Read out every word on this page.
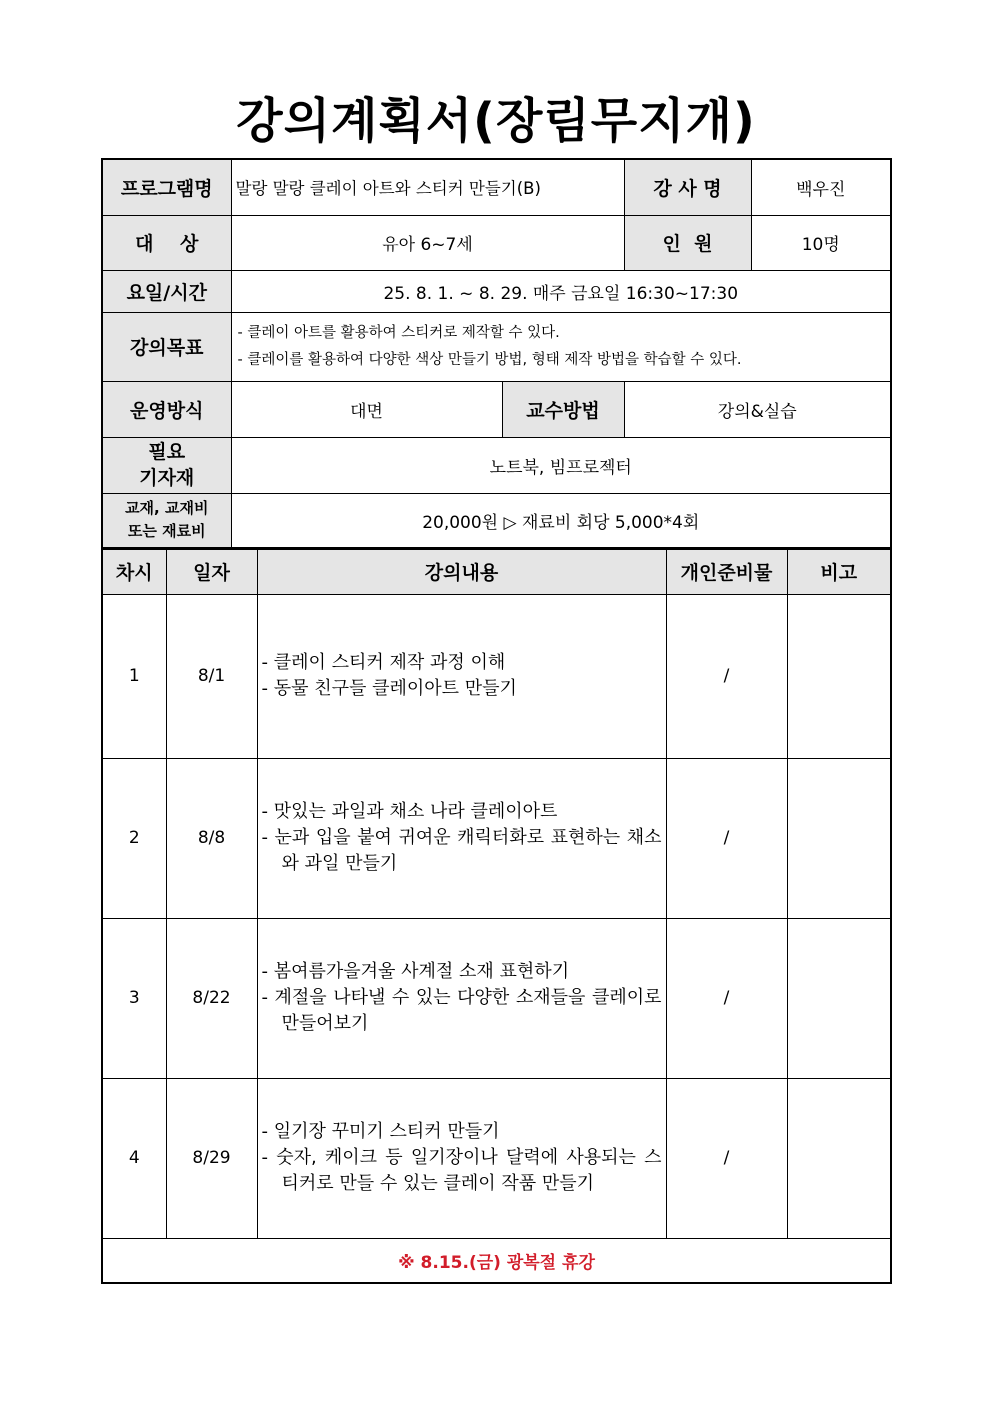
강의계획서(장림무지개)
프로그램명	말랑 말랑 클레이 아트와 스티커 만들기(B)		강 사 명	백우진
대    상	유아 6~7세		인  원	10명
요일/시간	25. 8. 1. ~ 8. 29. 매주 금요일 16:30~17:30			
강의목표	- 클레이 아트를 활용하여 스티커로 제작할 수 있다.
- 클레이를 활용하여 다양한 색상 만들기 방법, 형태 제작 방법을 학습할 수 있다.			

운영방식	대면	교수방법	강의&실습	

필요
기자재	노트북, 빔프로젝터			

교재, 교재비
또는 재료비	20,000원 ▷ 재료비 회당 5,000*4회			
차시	일자	강의내용	개인준비물	비고
1	8/1	- 클레이 스티커 제작 과정 이해
- 동물 친구들 클레이아트 만들기	/	
2	8/8	- 맛있는 과일과 채소 나라 클레이아트
- 눈과 입을 붙여 귀여운 캐릭터화로 표현하는 채소와 과일 만들기	/	
3	8/22	- 봄여름가을겨울 사계절 소재 표현하기
- 계절을 나타낼 수 있는 다양한 소재들을 클레이로 만들어보기	/	
4	8/29	- 일기장 꾸미기 스티커 만들기
- 숫자, 케이크 등 일기장이나 달력에 사용되는 스티커로 만들 수 있는 클레이 작품 만들기	/	
※ 8.15.(금) 광복절 휴강				
